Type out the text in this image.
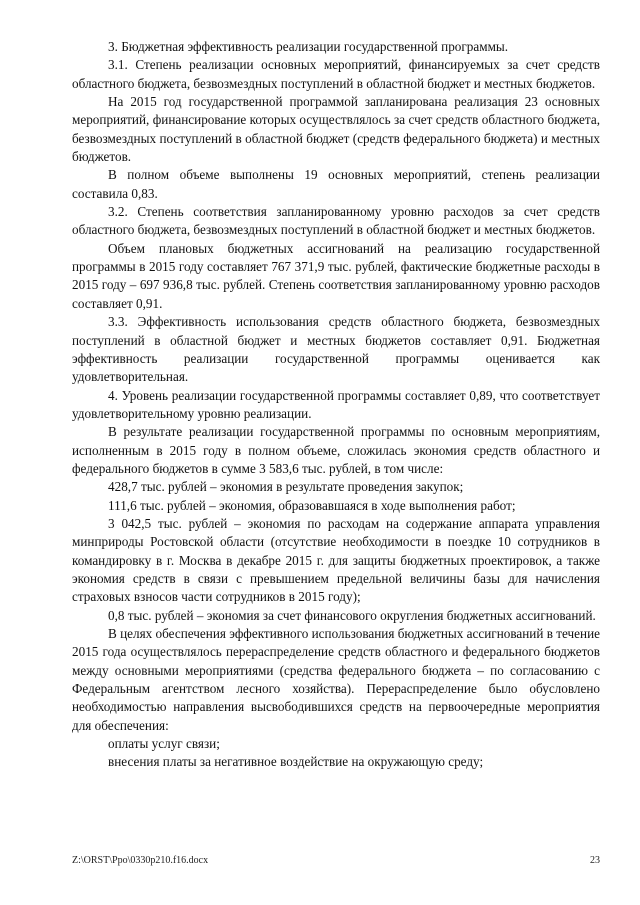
3. Бюджетная эффективность реализации государственной программы.

3.1. Степень реализации основных мероприятий, финансируемых за счет средств областного бюджета, безвозмездных поступлений в областной бюджет и местных бюджетов.

На 2015 год государственной программой запланирована реализация 23 основных мероприятий, финансирование которых осуществлялось за счет средств областного бюджета, безвозмездных поступлений в областной бюджет (средств федерального бюджета) и местных бюджетов.

В полном объеме выполнены 19 основных мероприятий, степень реализации составила 0,83.

3.2. Степень соответствия запланированному уровню расходов за счет средств областного бюджета, безвозмездных поступлений в областной бюджет и местных бюджетов.

Объем плановых бюджетных ассигнований на реализацию государственной программы в 2015 году составляет 767 371,9 тыс. рублей, фактические бюджетные расходы в 2015 году – 697 936,8 тыс. рублей. Степень соответствия запланированному уровню расходов составляет 0,91.

3.3. Эффективность использования средств областного бюджета, безвозмездных поступлений в областной бюджет и местных бюджетов составляет 0,91. Бюджетная эффективность реализации государственной программы оценивается как удовлетворительная.

4. Уровень реализации государственной программы составляет 0,89, что соответствует удовлетворительному уровню реализации.

В результате реализации государственной программы по основным мероприятиям, исполненным в 2015 году в полном объеме, сложилась экономия средств областного и федерального бюджетов в сумме 3 583,6 тыс. рублей, в том числе:

428,7 тыс. рублей – экономия в результате проведения закупок;

111,6 тыс. рублей – экономия, образовавшаяся в ходе выполнения работ;

3 042,5 тыс. рублей – экономия по расходам на содержание аппарата управления минприроды Ростовской области (отсутствие необходимости в поездке 10 сотрудников в командировку в г. Москва в декабре 2015 г. для защиты бюджетных проектировок, а также экономия средств в связи с превышением предельной величины базы для начисления страховых взносов части сотрудников в 2015 году);

0,8 тыс. рублей – экономия за счет финансового округления бюджетных ассигнований.

В целях обеспечения эффективного использования бюджетных ассигнований в течение 2015 года осуществлялось перераспределение средств областного и федерального бюджетов между основными мероприятиями (средства федерального бюджета – по согласованию с Федеральным агентством лесного хозяйства). Перераспределение было обусловлено необходимостью направления высвободившихся средств на первоочередные мероприятия для обеспечения:

оплаты услуг связи;

внесения платы за негативное воздействие на окружающую среду;

Z:\ORST\Ppo\0330p210.f16.docx	23
